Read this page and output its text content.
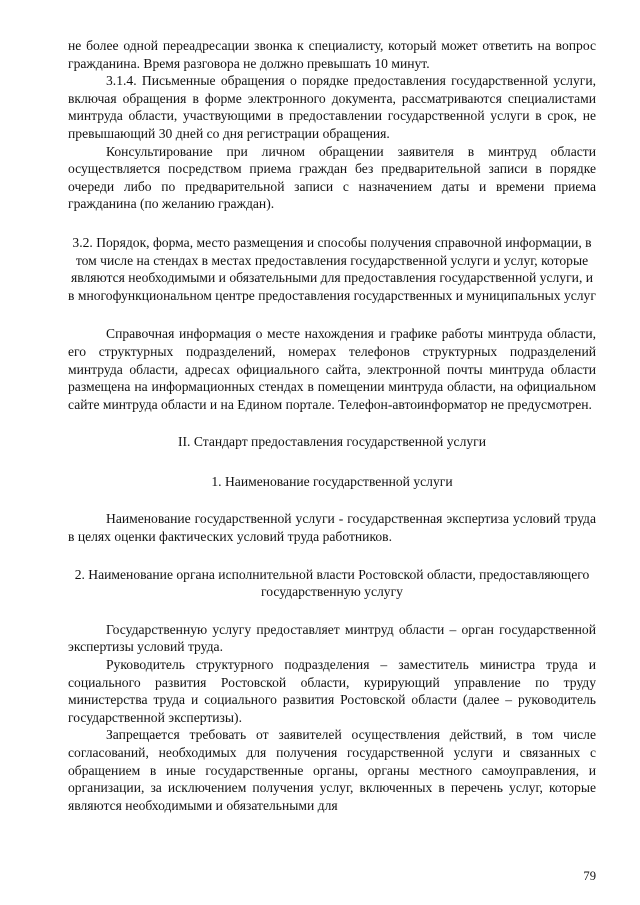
не более одной переадресации звонка к специалисту, который может ответить на вопрос гражданина. Время разговора не должно превышать 10 минут.

3.1.4. Письменные обращения о порядке предоставления государственной услуги, включая обращения в форме электронного документа, рассматриваются специалистами минтруда области, участвующими в предоставлении государственной услуги в срок, не превышающий 30 дней со дня регистрации обращения.

Консультирование при личном обращении заявителя в минтруд области осуществляется посредством приема граждан без предварительной записи в порядке очереди либо по предварительной записи с назначением даты и времени приема гражданина (по желанию граждан).

3.2. Порядок, форма, место размещения и способы получения справочной информации, в том числе на стендах в местах предоставления государственной услуги и услуг, которые являются необходимыми и обязательными для предоставления государственной услуги, и в многофункциональном центре предоставления государственных и муниципальных услуг

Справочная информация о месте нахождения и графике работы минтруда области, его структурных подразделений, номерах телефонов структурных подразделений минтруда области, адресах официального сайта, электронной почты минтруда области размещена на информационных стендах в помещении минтруда области, на официальном сайте минтруда области и на Едином портале. Телефон-автоинформатор не предусмотрен.

II. Стандарт предоставления государственной услуги

1. Наименование государственной услуги

Наименование государственной услуги - государственная экспертиза условий труда в целях оценки фактических условий труда работников.

2. Наименование органа исполнительной власти Ростовской области, предоставляющего государственную услугу

Государственную услугу предоставляет минтруд области – орган государственной экспертизы условий труда.

Руководитель структурного подразделения – заместитель министра труда и социального развития Ростовской области, курирующий управление по труду министерства труда и социального развития Ростовской области (далее – руководитель государственной экспертизы).

Запрещается требовать от заявителей осуществления действий, в том числе согласований, необходимых для получения государственной услуги и связанных с обращением в иные государственные органы, органы местного самоуправления, и организации, за исключением получения услуг, включенных в перечень услуг, которые являются необходимыми и обязательными для

79
